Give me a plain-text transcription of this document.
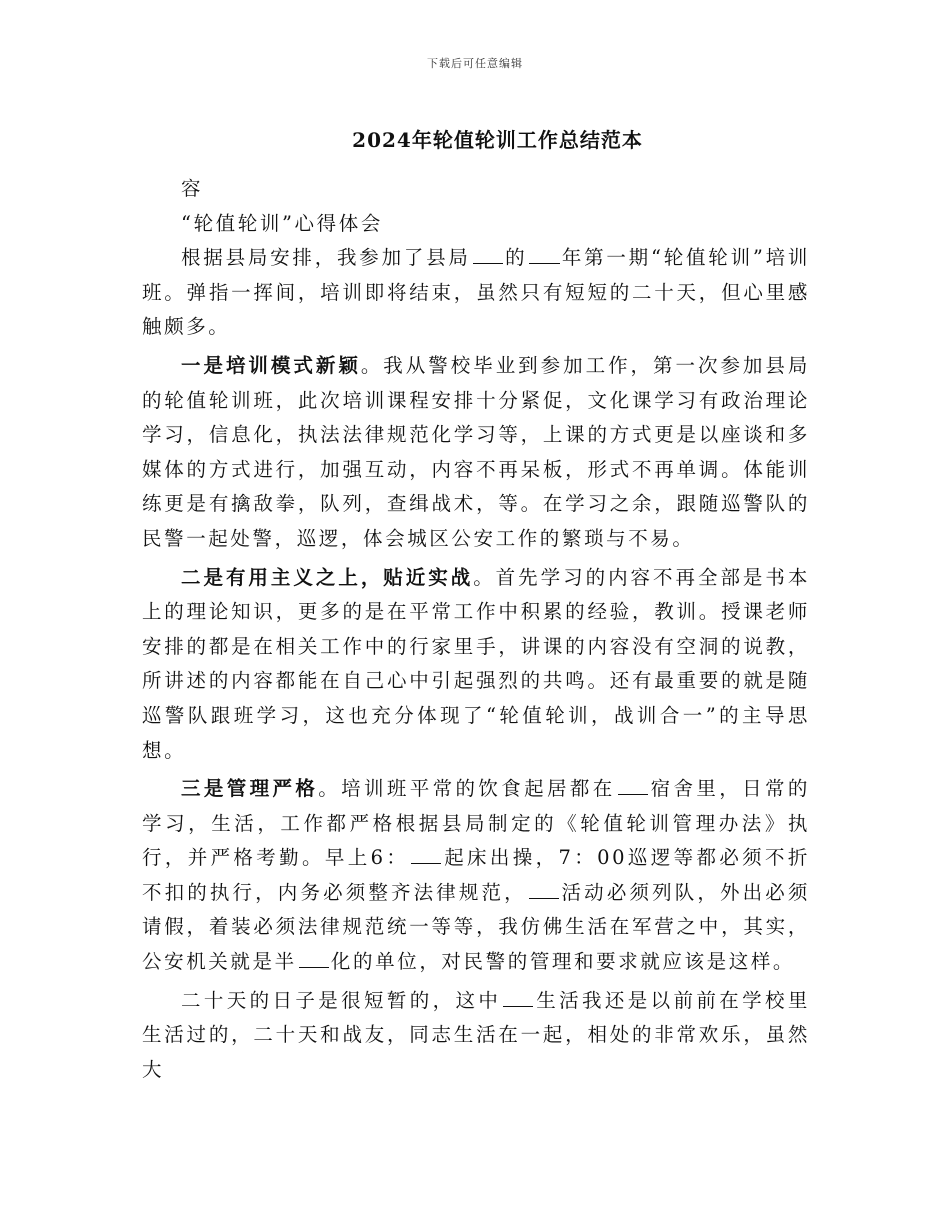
下载后可任意编辑
2024年轮值轮训工作总结范本

容

“轮值轮训”心得体会

根据县局安排，我参加了县局 的 年第一期“轮值轮训”培训班。弹指一挥间，培训即将结束，虽然只有短短的二十天，但心里感触颇多。

一是培训模式新颖。我从警校毕业到参加工作，第一次参加县局的轮值轮训班，此次培训课程安排十分紧促，文化课学习有政治理论学习，信息化，执法法律规范化学习等，上课的方式更是以座谈和多媒体的方式进行，加强互动，内容不再呆板，形式不再单调。体能训练更是有擒敌拳，队列，查缉战术，等。在学习之余，跟随巡警队的民警一起处警，巡逻，体会城区公安工作的繁琐与不易。

二是有用主义之上，贴近实战。首先学习的内容不再全部是书本上的理论知识，更多的是在平常工作中积累的经验，教训。授课老师安排的都是在相关工作中的行家里手，讲课的内容没有空洞的说教，所讲述的内容都能在自己心中引起强烈的共鸣。还有最重要的就是随巡警队跟班学习，这也充分体现了“轮值轮训，战训合一”的主导思想。

三是管理严格。培训班平常的饮食起居都在 宿舍里，日常的学习，生活，工作都严格根据县局制定的《轮值轮训管理办法》执行，并严格考勤。早上6： 起床出操，7：00巡逻等都必须不折不扣的执行，内务必须整齐法律规范， 活动必须列队，外出必须请假，着装必须法律规范统一等等，我仿佛生活在军营之中，其实，公安机关就是半 化的单位，对民警的管理和要求就应该是这样。

二十天的日子是很短暂的，这中 生活我还是以前前在学校里生活过的，二十天和战友，同志生活在一起，相处的非常欢乐，虽然大
